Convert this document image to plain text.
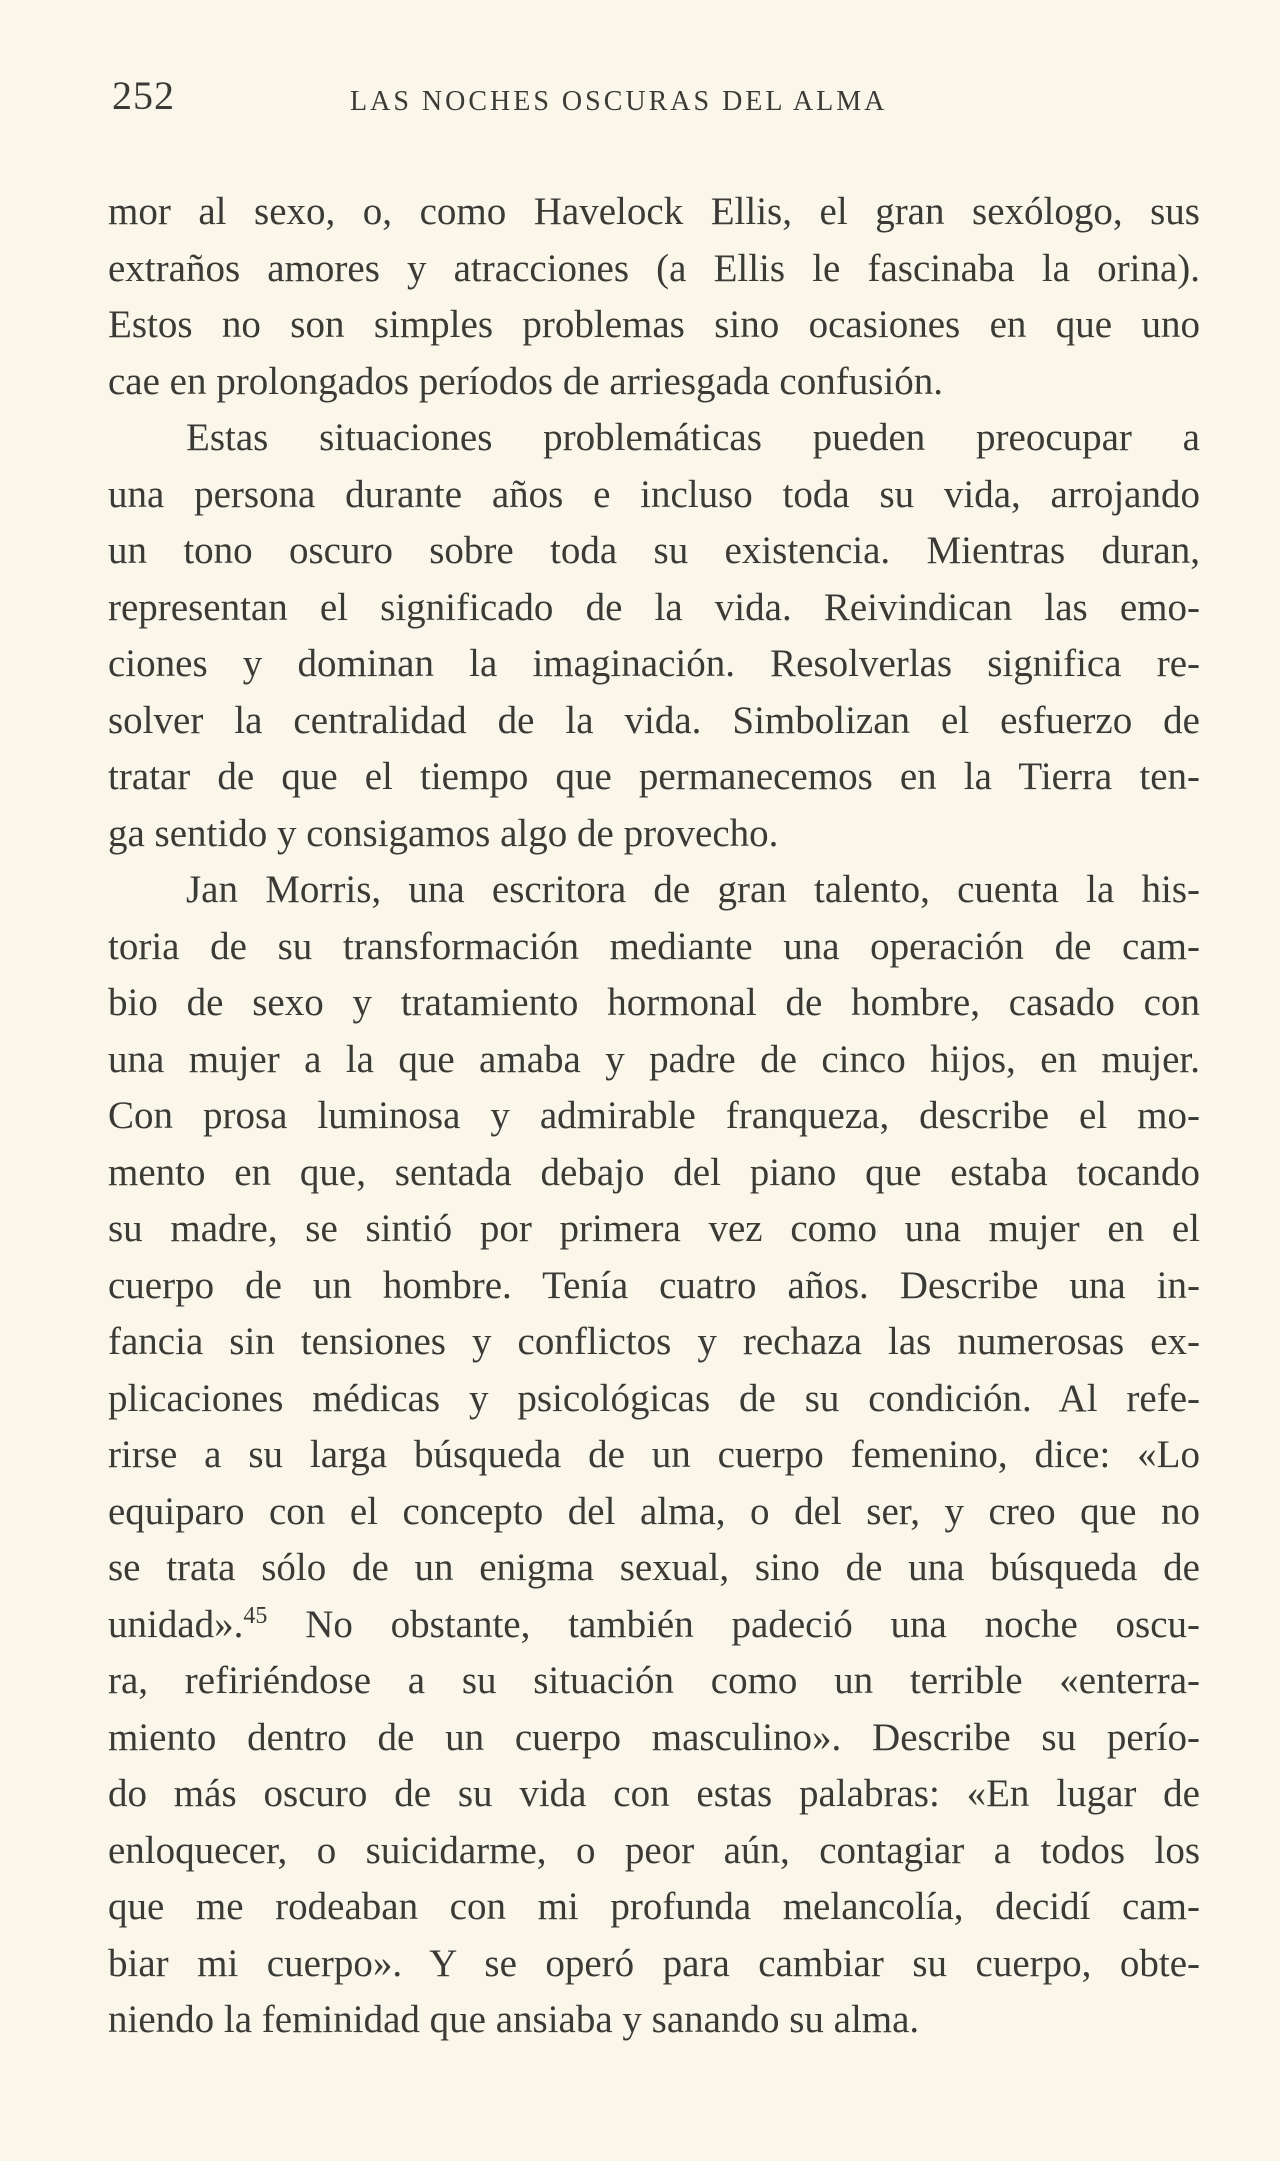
252	LAS NOCHES OSCURAS DEL ALMA
mor al sexo, o, como Havelock Ellis, el gran sexólogo, sus
extraños amores y atracciones (a Ellis le fascinaba la orina).
Estos no son simples problemas sino ocasiones en que uno
cae en prolongados períodos de arriesgada confusión.
Estas situaciones problemáticas pueden preocupar a
una persona durante años e incluso toda su vida, arrojando
un tono oscuro sobre toda su existencia. Mientras duran,
representan el significado de la vida. Reivindican las emo-
ciones y dominan la imaginación. Resolverlas significa re-
solver la centralidad de la vida. Simbolizan el esfuerzo de
tratar de que el tiempo que permanecemos en la Tierra ten-
ga sentido y consigamos algo de provecho.
Jan Morris, una escritora de gran talento, cuenta la his-
toria de su transformación mediante una operación de cam-
bio de sexo y tratamiento hormonal de hombre, casado con
una mujer a la que amaba y padre de cinco hijos, en mujer.
Con prosa luminosa y admirable franqueza, describe el mo-
mento en que, sentada debajo del piano que estaba tocando
su madre, se sintió por primera vez como una mujer en el
cuerpo de un hombre. Tenía cuatro años. Describe una in-
fancia sin tensiones y conflictos y rechaza las numerosas ex-
plicaciones médicas y psicológicas de su condición. Al refe-
rirse a su larga búsqueda de un cuerpo femenino, dice: «Lo
equiparo con el concepto del alma, o del ser, y creo que no
se trata sólo de un enigma sexual, sino de una búsqueda de
unidad».$^{45}$ No obstante, también padeció una noche oscu-
ra, refiriéndose a su situación como un terrible «enterra-
miento dentro de un cuerpo masculino». Describe su perío-
do más oscuro de su vida con estas palabras: «En lugar de
enloquecer, o suicidarme, o peor aún, contagiar a todos los
que me rodeaban con mi profunda melancolía, decidí cam-
biar mi cuerpo». Y se operó para cambiar su cuerpo, obte-
niendo la feminidad que ansiaba y sanando su alma.
